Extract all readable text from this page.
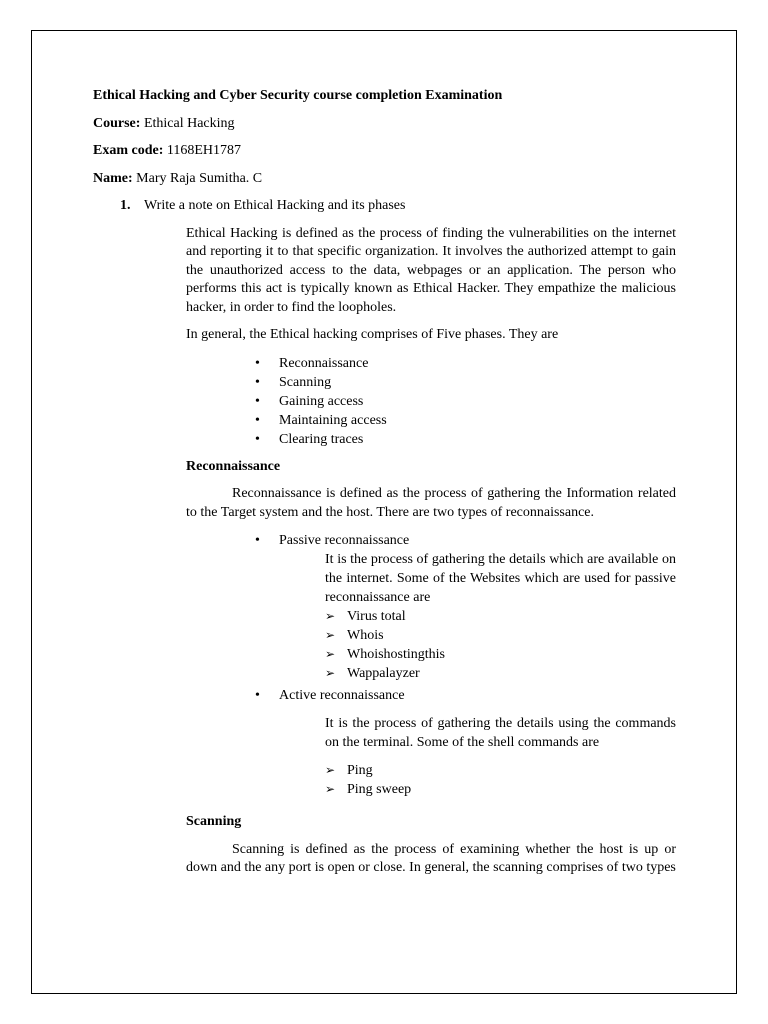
Ethical Hacking and Cyber Security course completion Examination
Course: Ethical Hacking
Exam code: 1168EH1787
Name: Mary Raja Sumitha. C
1. Write a note on Ethical Hacking and its phases

Ethical Hacking is defined as the process of finding the vulnerabilities on the internet and reporting it to that specific organization. It involves the authorized attempt to gain the unauthorized access to the data, webpages or an application. The person who performs this act is typically known as Ethical Hacker. They empathize the malicious hacker, in order to find the loopholes.

In general, the Ethical hacking comprises of Five phases. They are

• Reconnaissance
• Scanning
• Gaining access
• Maintaining access
• Clearing traces
Reconnaissance

Reconnaissance is defined as the process of gathering the Information related to the Target system and the host. There are two types of reconnaissance.

• Passive reconnaissance
It is the process of gathering the details which are available on the internet. Some of the Websites which are used for passive reconnaissance are
➢ Virus total
➢ Whois
➢ Whoishostingthis
➢ Wappalayzer
• Active reconnaissance
It is the process of gathering the details using the commands on the terminal. Some of the shell commands are
➢ Ping
➢ Ping sweep
Scanning

Scanning is defined as the process of examining whether the host is up or down and the any port is open or close. In general, the scanning comprises of two types
